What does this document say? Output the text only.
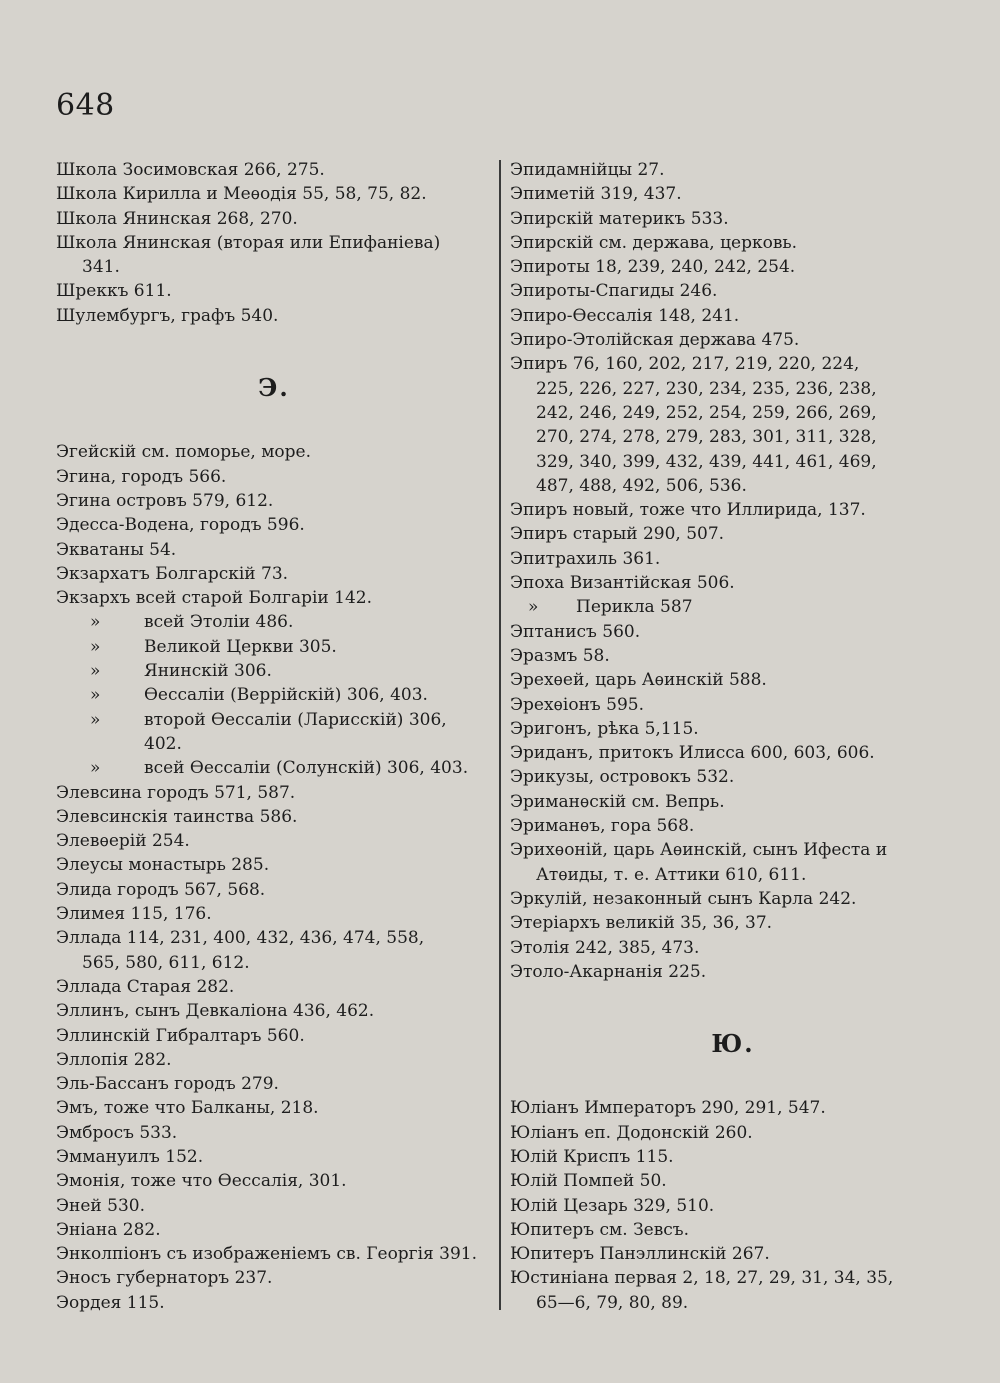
648
Школа Зосимовская 266, 275.
Школа Кирилла и Меѳодія 55, 58, 75, 82.
Школа Янинская 268, 270.
Школа Янинская (вторая или Епифаніева)
341.
Шреккъ 611.
Шулембургъ, графъ 540.
Э.
Эгейскій см. поморье, море.
Эгина, городъ 566.
Эгина островъ 579, 612.
Эдесса-Водена, городъ 596.
Экватаны 54.
Экзархатъ Болгарскій 73.
Экзархъ всей старой Болгаріи 142.
»	всей Этоліи 486.
»	Великой Церкви 305.
»	Янинскій 306.
»	Ѳессаліи (Веррійскій) 306, 403.
»	второй Ѳессаліи (Ларисскій) 306,
402.
»	всей Ѳессаліи (Солунскій) 306, 403.
Элевсина городъ 571, 587.
Элевсинскія таинства 586.
Элевѳерій 254.
Элеусы монастырь 285.
Элида городъ 567, 568.
Элимея 115, 176.
Эллада 114, 231, 400, 432, 436, 474, 558,
565, 580, 611, 612.
Эллада Старая 282.
Эллинъ, сынъ Девкаліона 436, 462.
Эллинскій Гибралтаръ 560.
Эллопія 282.
Эль-Бассанъ городъ 279.
Эмъ, тоже что Балканы, 218.
Эмбросъ 533.
Эммануилъ 152.
Эмонія, тоже что Ѳессалія, 301.
Эней 530.
Эніана 282.
Энколпіонъ съ изображеніемъ св. Георгія 391.
Эносъ губернаторъ 237.
Эордея 115.
Эпидамнійцы 27.
Эпиметій 319, 437.
Эпирскій материкъ 533.
Эпирскій см. держава, церковь.
Эпироты 18, 239, 240, 242, 254.
Эпироты-Спагиды 246.
Эпиро-Ѳессалія 148, 241.
Эпиро-Этолійская держава 475.
Эпиръ 76, 160, 202, 217, 219, 220, 224,
225, 226, 227, 230, 234, 235, 236, 238,
242, 246, 249, 252, 254, 259, 266, 269,
270, 274, 278, 279, 283, 301, 311, 328,
329, 340, 399, 432, 439, 441, 461, 469,
487, 488, 492, 506, 536.
Эпиръ новый, тоже что Иллирида, 137.
Эпиръ старый 290, 507.
Эпитрахиль 361.
Эпоха Византійская 506.
» Перикла 587
Эптанисъ 560.
Эразмъ 58.
Эрехѳей, царь Аѳинскій 588.
Эрехѳіонъ 595.
Эригонъ, рѣка 5,115.
Эриданъ, притокъ Илисса 600, 603, 606.
Эрикузы, островокъ 532.
Эриманѳскій см. Вепрь.
Эриманѳъ, гора 568.
Эрихѳоній, царь Аѳинскій, сынъ Ифеста и
Атѳиды, т. е. Аттики 610, 611.
Эркулій, незаконный сынъ Карла 242.
Этеріархъ великій 35, 36, 37.
Этолія 242, 385, 473.
Этоло-Акарнанія 225.
Ю.
Юліанъ Императоръ 290, 291, 547.
Юліанъ еп. Додонскій 260.
Юлій Криспъ 115.
Юлій Помпей 50.
Юлій Цезарь 329, 510.
Юпитеръ см. Зевсъ.
Юпитеръ Панэллинскій 267.
Юстиніана первая 2, 18, 27, 29, 31, 34, 35,
65—6, 79, 80, 89.
